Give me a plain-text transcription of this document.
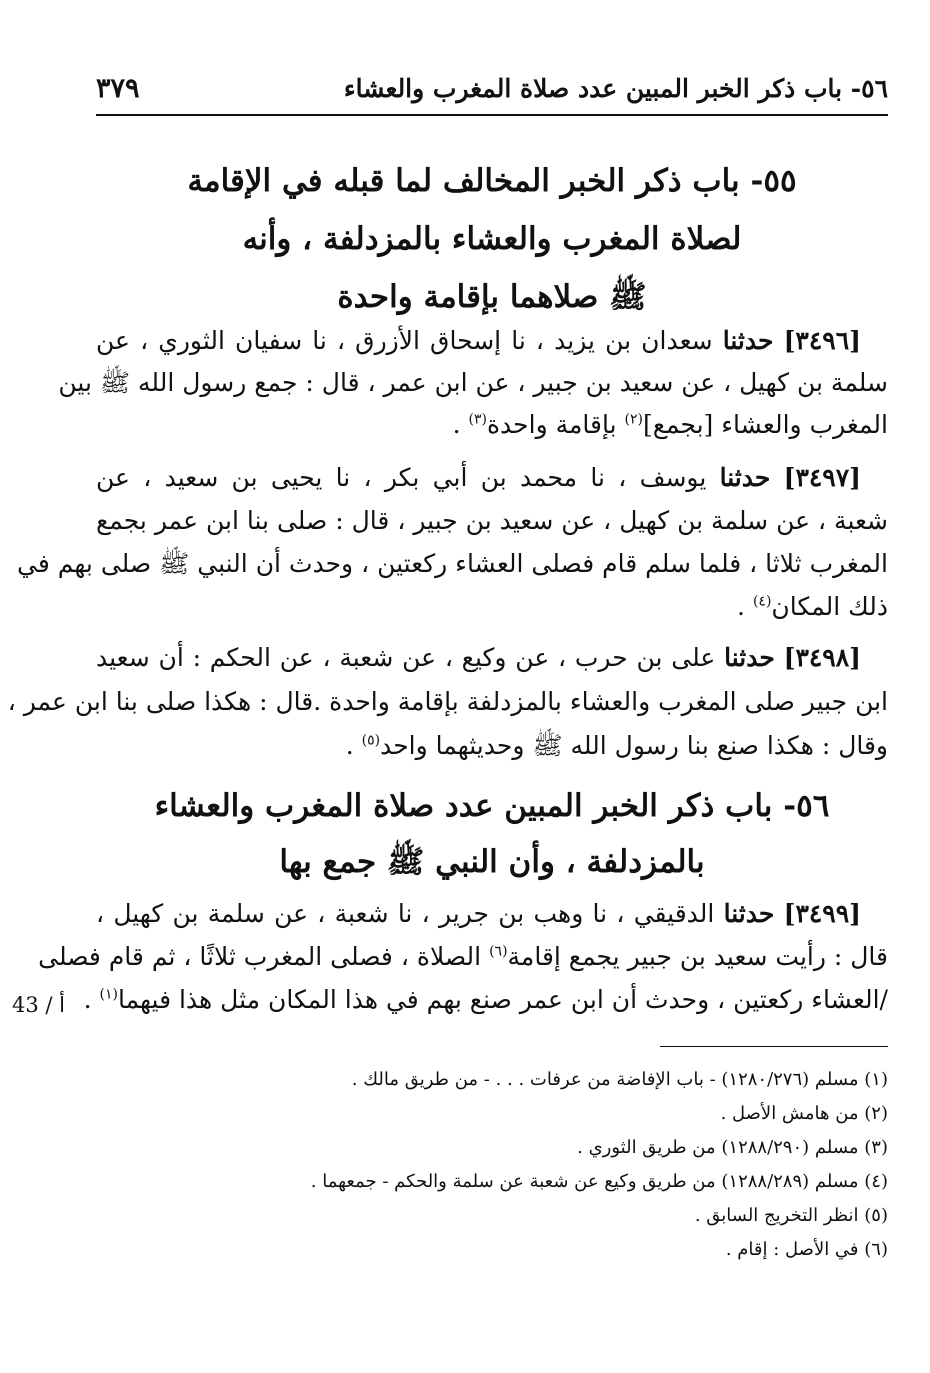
٥٦- باب ذكر الخبر المبين عدد صلاة المغرب والعشاء
٣٧٩
٥٥- باب ذكر الخبر المخالف لما قبله في الإقامة
لصلاة المغرب والعشاء بالمزدلفة ، وأنه
ﷺ صلاهما بإقامة واحدة
[٣٤٩٦] حدثنا سعدان بن يزيد ، نا إسحاق الأزرق ، نا سفيان الثوري ، عن
سلمة بن كهيل ، عن سعيد بن جبير ، عن ابن عمر ، قال : جمع رسول الله ﷺ بين
المغرب والعشاء [بجمع]$^{(٢)}$ بإقامة واحدة$^{(٣)}$ .
[٣٤٩٧] حدثنا يوسف ، نا محمد بن أبي بكر ، نا يحيى بن سعيد ، عن
شعبة ، عن سلمة بن كهيل ، عن سعيد بن جبير ، قال : صلى بنا ابن عمر بجمع
المغرب ثلاثا ، فلما سلم قام فصلى العشاء ركعتين ، وحدث أن النبي ﷺ صلى بهم في
ذلك المكان$^{(٤)}$ .
[٣٤٩٨] حدثنا على بن حرب ، عن وكيع ، عن شعبة ، عن الحكم : أن سعيد
ابن جبير صلى المغرب والعشاء بالمزدلفة بإقامة واحدة .قال : هكذا صلى بنا ابن عمر ،
وقال : هكذا صنع بنا رسول الله ﷺ وحديثهما واحد$^{(٥)}$ .
٥٦- باب ذكر الخبر المبين عدد صلاة المغرب والعشاء
بالمزدلفة ، وأن النبي ﷺ جمع بها
[٣٤٩٩] حدثنا الدقيقي ، نا وهب بن جرير ، نا شعبة ، عن سلمة بن كهيل ،
قال : رأيت سعيد بن جبير يجمع إقامة$^{(٦)}$ الصلاة ، فصلى المغرب ثلاثًا ، ثم قام فصلى
/العشاء ركعتين ، وحدث أن ابن عمر صنع بهم في هذا المكان مثل هذا فيهما$^{(١)}$ .
43 / أ
(١) مسلم (١٢٨٠/٢٧٦) - باب الإفاضة من عرفات . . . - من طريق مالك .
(٢) من هامش الأصل .
(٣) مسلم (١٢٨٨/٢٩٠) من طريق الثوري .
(٤) مسلم (١٢٨٨/٢٨٩) من طريق وكيع عن شعبة عن سلمة والحكم - جمعهما .
(٥) انظر التخريج السابق .
(٦) في الأصل : إقام .
